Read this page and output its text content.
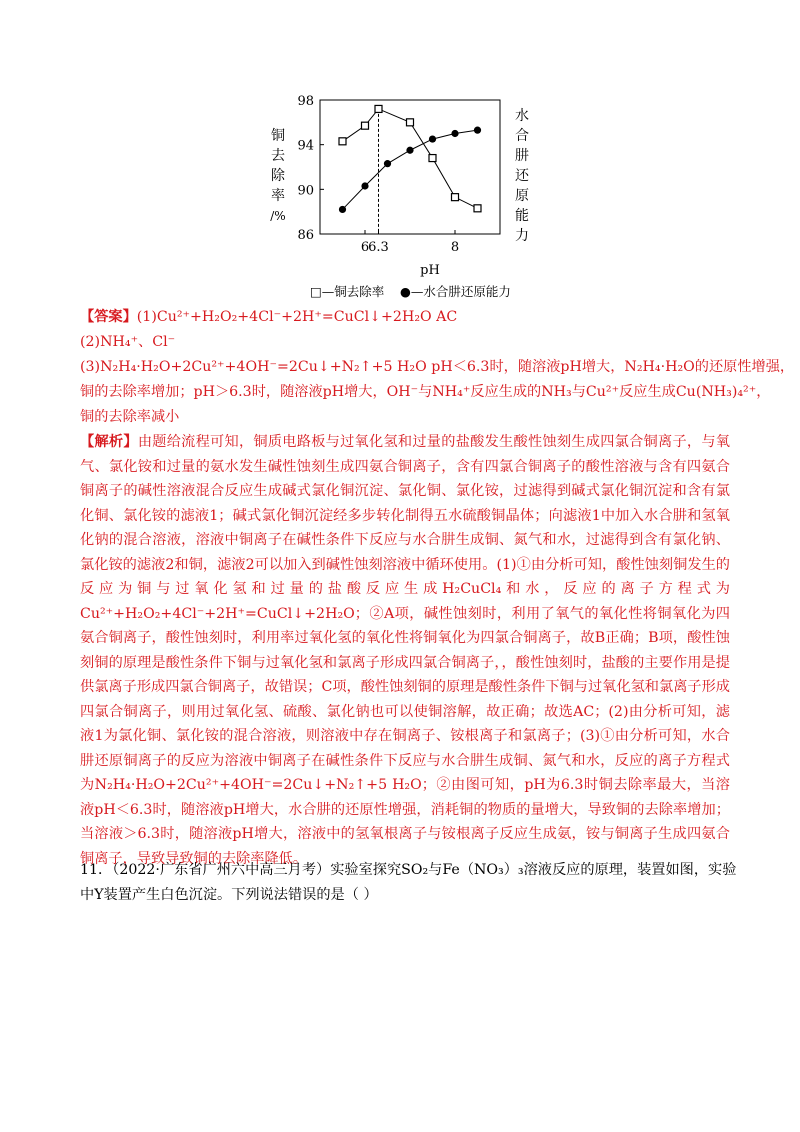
86
90
94
98
6 6.3	8
pH
□—铜去除率 ●—水合肼还原能力
铜
去
除
率
/%
水
合
肼
还
原
能
力
【答案】(1)Cu²⁺+H₂O₂+4Cl⁻+2H⁺=CuCl↓+2H₂O AC
(2)NH₄⁺、Cl⁻
(3)N₂H₄·H₂O+2Cu²⁺+4OH⁻=2Cu↓+N₂↑+5 H₂O pH＜6.3时，随溶液pH增大，N₂H₄·H₂O的还原性增强，
铜的去除率增加；pH＞6.3时，随溶液pH增大，OH⁻与NH₄⁺反应生成的NH₃与Cu²⁺反应生成Cu(NH₃)₄²⁺，
铜的去除率减小
【解析】由题给流程可知，铜质电路板与过氧化氢和过量的盐酸发生酸性蚀刻生成四氯合铜离子，与氧气、氯化铵和过量的氨水发生碱性蚀刻生成四氨合铜离子，含有四氯合铜离子的酸性溶液与含有四氨合铜离子的碱性溶液混合反应生成碱式氯化铜沉淀、氯化铜、氯化铵，过滤得到碱式氯化铜沉淀和含有氯化铜、氯化铵的滤液1；碱式氯化铜沉淀经多步转化制得五水硫酸铜晶体；向滤液1中加入水合肼和氢氧化钠的混合溶液，溶液中铜离子在碱性条件下反应与水合肼生成铜、氮气和水，过滤得到含有氯化钠、氯化铵的滤液2和铜，滤液2可以加入到碱性蚀刻溶液中循环使用。(1)①由分析可知，酸性蚀刻铜发生的反应为铜与过氧化氢和过量的盐酸反应生成H₂CuCl₄和水，反应的离子方程式为Cu²⁺+H₂O₂+4Cl⁻+2H⁺=CuCl↓+2H₂O；②A项，碱性蚀刻时，利用了氧气的氧化性将铜氧化为四氨合铜离子，酸性蚀刻时，利用率过氧化氢的氧化性将铜氧化为四氯合铜离子，故B正确；B项，酸性蚀刻铜的原理是酸性条件下铜与过氧化氢和氯离子形成四氯合铜离子，，酸性蚀刻时，盐酸的主要作用是提供氯离子形成四氯合铜离子，故错误；C项，酸性蚀刻铜的原理是酸性条件下铜与过氧化氢和氯离子形成四氯合铜离子，则用过氧化氢、硫酸、氯化钠也可以使铜溶解，故正确；故选AC；(2)由分析可知，滤液1为氯化铜、氯化铵的混合溶液，则溶液中存在铜离子、铵根离子和氯离子；(3)①由分析可知，水合肼还原铜离子的反应为溶液中铜离子在碱性条件下反应与水合肼生成铜、氮气和水，反应的离子方程式为N₂H₄·H₂O+2Cu²⁺+4OH⁻=2Cu↓+N₂↑+5 H₂O；②由图可知，pH为6.3时铜去除率最大，当溶液pH＜6.3时，随溶液pH增大，水合肼的还原性增强，消耗铜的物质的量增大，导致铜的去除率增加；当溶液＞6.3时，随溶液pH增大，溶液中的氢氧根离子与铵根离子反应生成氨，铵与铜离子生成四氨合铜离子，导致导致铜的去除率降低。
11．（2022·广东省广州六中高三月考）实验室探究SO₂与Fe（NO₃）₃溶液反应的原理，装置如图，实验
中Y装置产生白色沉淀。下列说法错误的是（ ）
